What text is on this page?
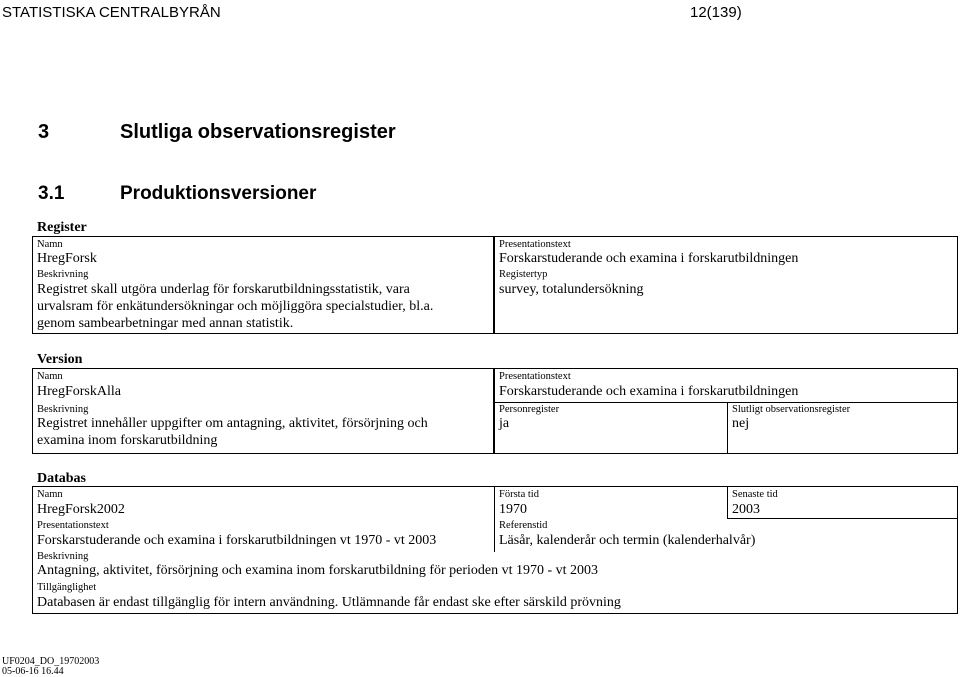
STATISTISKA CENTRALBYRÅN	12(139)
3	Slutliga observationsregister
3.1	Produktionsversioner
Register
Namn
HregForsk
Beskrivning
Registret skall utgöra underlag för forskarutbildningsstatistik, vara
urvalsram för enkätundersökningar och möjliggöra specialstudier, bl.a.
genom sambearbetningar med annan statistik.
Presentationstext
Forskarstuderande och examina i forskarutbildningen
Registertyp
survey, totalundersökning
Version
Namn
HregForskAlla
Beskrivning
Registret innehåller uppgifter om antagning, aktivitet, försörjning och
examina inom forskarutbildning
Presentationstext
Forskarstuderande och examina i forskarutbildningen
Personregister
ja
Slutligt observationsregister
nej
Databas
Namn
HregForsk2002
Första tid
1970
Senaste tid
2003
Presentationstext
Forskarstuderande och examina i forskarutbildningen vt 1970 - vt 2003
Referenstid
Läsår, kalenderår och termin (kalenderhalvår)
Beskrivning
Antagning, aktivitet, försörjning och examina inom forskarutbildning för perioden vt 1970 - vt 2003
Tillgänglighet
Databasen är endast tillgänglig för intern användning. Utlämnande får endast ske efter särskild prövning
UF0204_DO_19702003
05-06-16 16.44
